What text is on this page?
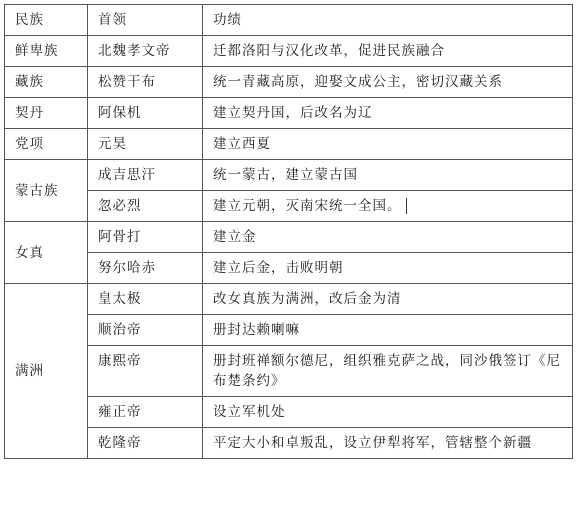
民族	首领	功绩
鲜卑族	北魏孝文帝	迁都洛阳与汉化改革，促进民族融合
藏族	松赞干布	统一青藏高原，迎娶文成公主，密切汉藏关系
契丹	阿保机	建立契丹国，后改名为辽
党项	元昊	建立西夏
蒙古族	成吉思汗	统一蒙古，建立蒙古国
	忽必烈	建立元朝，灭南宋统一全国。
女真	阿骨打	建立金
	努尔哈赤	建立后金，击败明朝
满洲	皇太极	改女真族为满洲，改后金为清
	顺治帝	册封达赖喇嘛
	康熙帝	册封班禅额尔德尼，组织雅克萨之战，同沙俄签订《尼布楚条约》
	雍正帝	设立军机处
	乾隆帝	平定大小和卓叛乱，设立伊犁将军，管辖整个新疆
